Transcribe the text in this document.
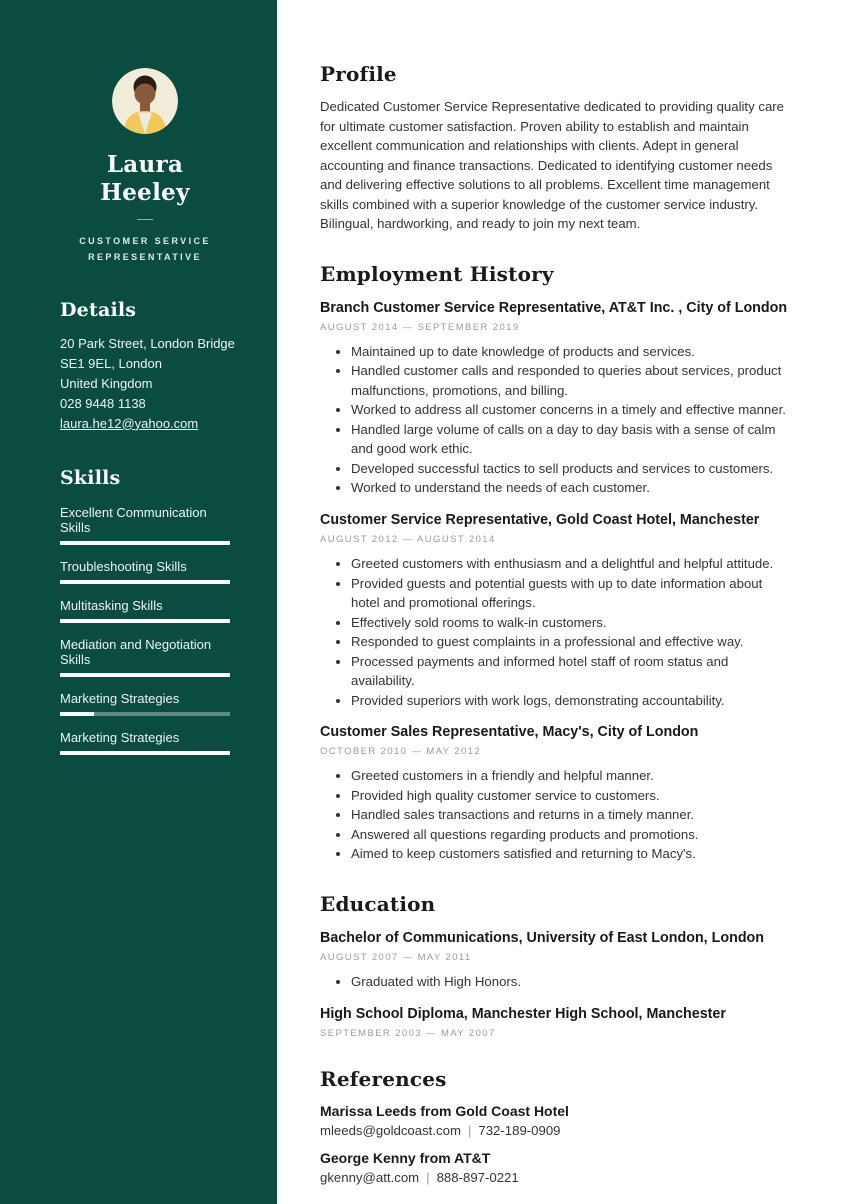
Laura Heeley
CUSTOMER SERVICE REPRESENTATIVE
Details
20 Park Street, London Bridge
SE1 9EL, London
United Kingdom
028 9448 1138
laura.he12@yahoo.com
Skills
Excellent Communication Skills
Troubleshooting Skills
Multitasking Skills
Mediation and Negotiation Skills
Marketing Strategies
Marketing Strategies
Profile

Dedicated Customer Service Representative dedicated to providing quality care for ultimate customer satisfaction. Proven ability to establish and maintain excellent communication and relationships with clients. Adept in general accounting and finance transactions. Dedicated to identifying customer needs and delivering effective solutions to all problems. Excellent time management skills combined with a superior knowledge of the customer service industry. Bilingual, hardworking, and ready to join my next team.

Employment History
Branch Customer Service Representative, AT&T Inc. , City of London
AUGUST 2014 — SEPTEMBER 2019
• Maintained up to date knowledge of products and services.
• Handled customer calls and responded to queries about services, product malfunctions, promotions, and billing.
• Worked to address all customer concerns in a timely and effective manner.
• Handled large volume of calls on a day to day basis with a sense of calm and good work ethic.
• Developed successful tactics to sell products and services to customers.
• Worked to understand the needs of each customer.
Customer Service Representative, Gold Coast Hotel, Manchester
AUGUST 2012 — AUGUST 2014
• Greeted customers with enthusiasm and a delightful and helpful attitude.
• Provided guests and potential guests with up to date information about hotel and promotional offerings.
• Effectively sold rooms to walk-in customers.
• Responded to guest complaints in a professional and effective way.
• Processed payments and informed hotel staff of room status and availability.
• Provided superiors with work logs, demonstrating accountability.
Customer Sales Representative, Macy's, City of London
OCTOBER 2010 — MAY 2012
• Greeted customers in a friendly and helpful manner.
• Provided high quality customer service to customers.
• Handled sales transactions and returns in a timely manner.
• Answered all questions regarding products and promotions.
• Aimed to keep customers satisfied and returning to Macy's.
Education
Bachelor of Communications, University of East London, London
AUGUST 2007 — MAY 2011
• Graduated with High Honors.
High School Diploma, Manchester High School, Manchester
SEPTEMBER 2003 — MAY 2007
References
Marissa Leeds from Gold Coast Hotel

mleeds@goldcoast.com | 732-189-0909

George Kenny from AT&T

gkenny@att.com | 888-897-0221
